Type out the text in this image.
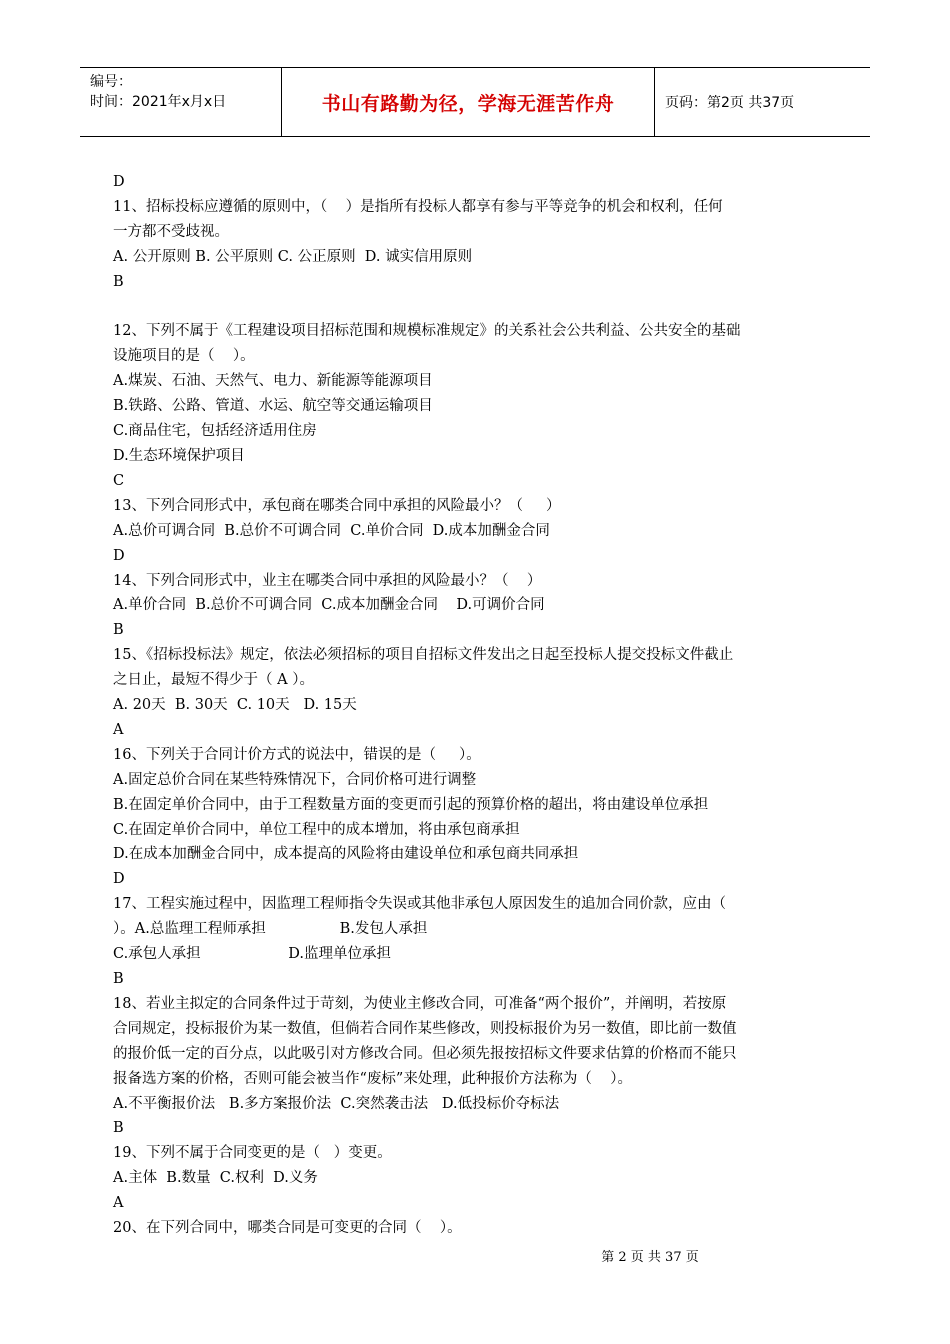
编号：
时间：2021年x月x日	书山有路勤为径，学海无涯苦作舟	页码：第2页 共37页

D

11、招标投标应遵循的原则中，（    ）是指所有投标人都享有参与平等竞争的机会和权利，任何

一方都不受歧视。

A. 公开原则 B. 公平原则 C. 公正原则  D. 诚实信用原则

B

12、下列不属于《工程建设项目招标范围和规模标准规定》的关系社会公共利益、公共安全的基础

设施项目的是（    ）。

A.煤炭、石油、天然气、电力、新能源等能源项目

B.铁路、公路、管道、水运、航空等交通运输项目

C.商品住宅，包括经济适用住房

D.生态环境保护项目

C

13、下列合同形式中，承包商在哪类合同中承担的风险最小？（     ）

A.总价可调合同  B.总价不可调合同  C.单价合同  D.成本加酬金合同

D

14、下列合同形式中，业主在哪类合同中承担的风险最小？（    ）

A.单价合同  B.总价不可调合同  C.成本加酬金合同    D.可调价合同

B

15、《招标投标法》规定，依法必须招标的项目自招标文件发出之日起至投标人提交投标文件截止

之日止，最短不得少于（ A ）。

A. 20天  B. 30天  C. 10天   D. 15天

A

16、下列关于合同计价方式的说法中，错误的是（     ）。

A.固定总价合同在某些特殊情况下，合同价格可进行调整

B.在固定单价合同中，由于工程数量方面的变更而引起的预算价格的超出，将由建设单位承担

C.在固定单价合同中，单位工程中的成本增加，将由承包商承担

D.在成本加酬金合同中，成本提高的风险将由建设单位和承包商共同承担

D

17、工程实施过程中，因监理工程师指令失误或其他非承包人原因发生的追加合同价款，应由（

）。A.总监理工程师承担                B.发包人承担

C.承包人承担                   D.监理单位承担

B

18、若业主拟定的合同条件过于苛刻，为使业主修改合同，可准备“两个报价”，并阐明，若按原

合同规定，投标报价为某一数值，但倘若合同作某些修改，则投标报价为另一数值，即比前一数值

的报价低一定的百分点，以此吸引对方修改合同。但必须先报按招标文件要求估算的价格而不能只

报备选方案的价格，否则可能会被当作“废标”来处理，此种报价方法称为（    ）。

A.不平衡报价法   B.多方案报价法  C.突然袭击法   D.低投标价夺标法

B

19、下列不属于合同变更的是（   ）变更。

A.主体  B.数量  C.权利  D.义务

A

20、在下列合同中，哪类合同是可变更的合同（    ）。

第 2 页 共 37 页
